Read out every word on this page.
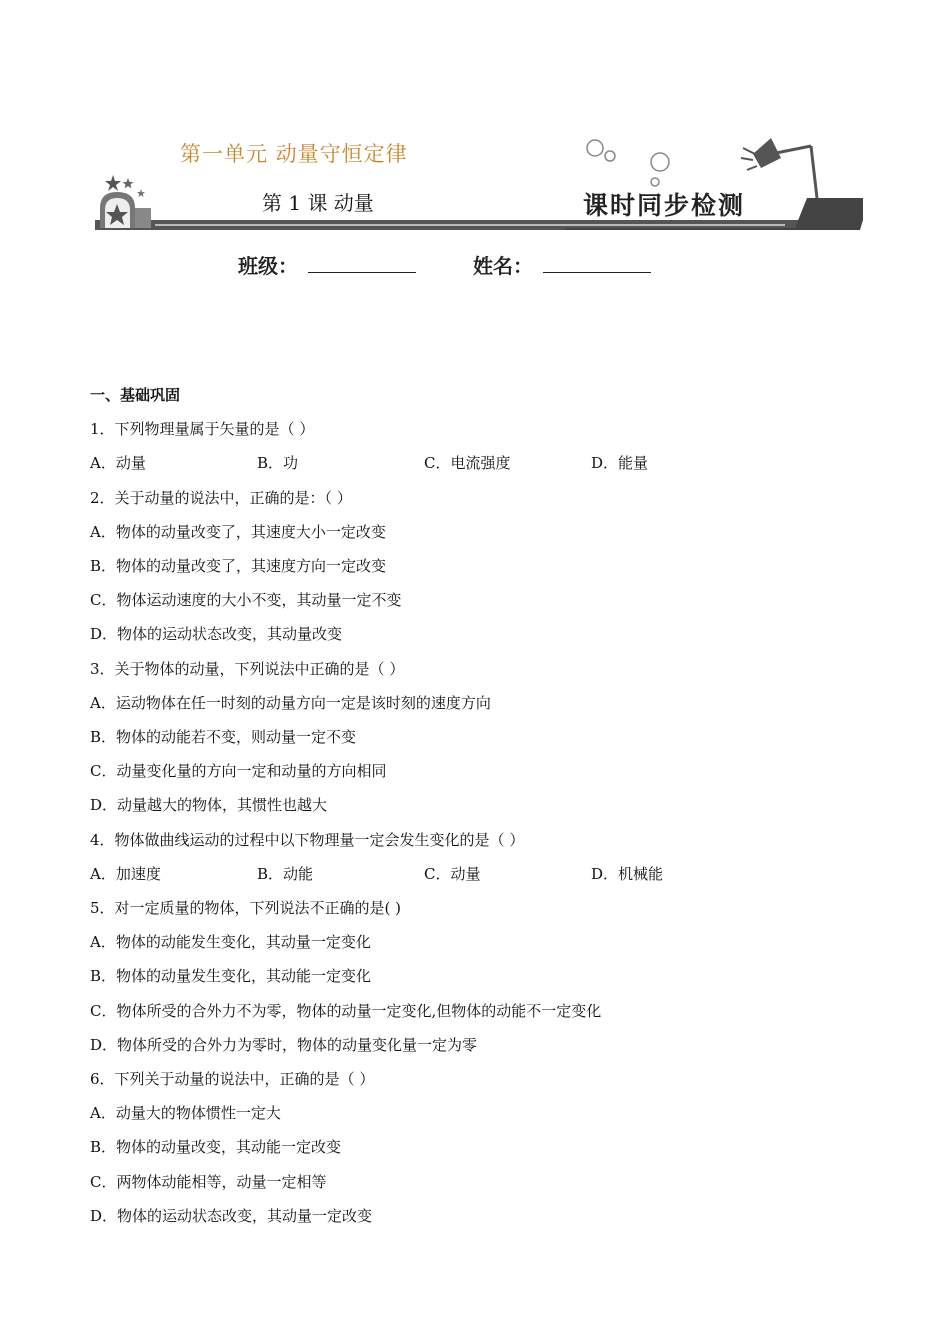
第一单元 动量守恒定律
第 1 课 动量	课时同步检测
班级：
	姓名：
一、基础巩固
1．下列物理量属于矢量的是（ ）
A．动量	B．功	C．电流强度	D．能量
2．关于动量的说法中，正确的是：（ ）
A．物体的动量改变了，其速度大小一定改变
B．物体的动量改变了，其速度方向一定改变
C．物体运动速度的大小不变，其动量一定不变
D．物体的运动状态改变，其动量改变
3．关于物体的动量，下列说法中正确的是（ ）
A．运动物体在任一时刻的动量方向一定是该时刻的速度方向
B．物体的动能若不变，则动量一定不变
C．动量变化量的方向一定和动量的方向相同
D．动量越大的物体，其惯性也越大
4．物体做曲线运动的过程中以下物理量一定会发生变化的是（ ）
A．加速度	B．动能	C．动量	D．机械能
5．对一定质量的物体，下列说法不正确的是( )
A．物体的动能发生变化，其动量一定变化
B．物体的动量发生变化，其动能一定变化
C．物体所受的合外力不为零，物体的动量一定变化,但物体的动能不一定变化
D．物体所受的合外力为零时，物体的动量变化量一定为零
6．下列关于动量的说法中，正确的是（ ）
A．动量大的物体惯性一定大
B．物体的动量改变，其动能一定改变
C．两物体动能相等，动量一定相等
D．物体的运动状态改变，其动量一定改变
